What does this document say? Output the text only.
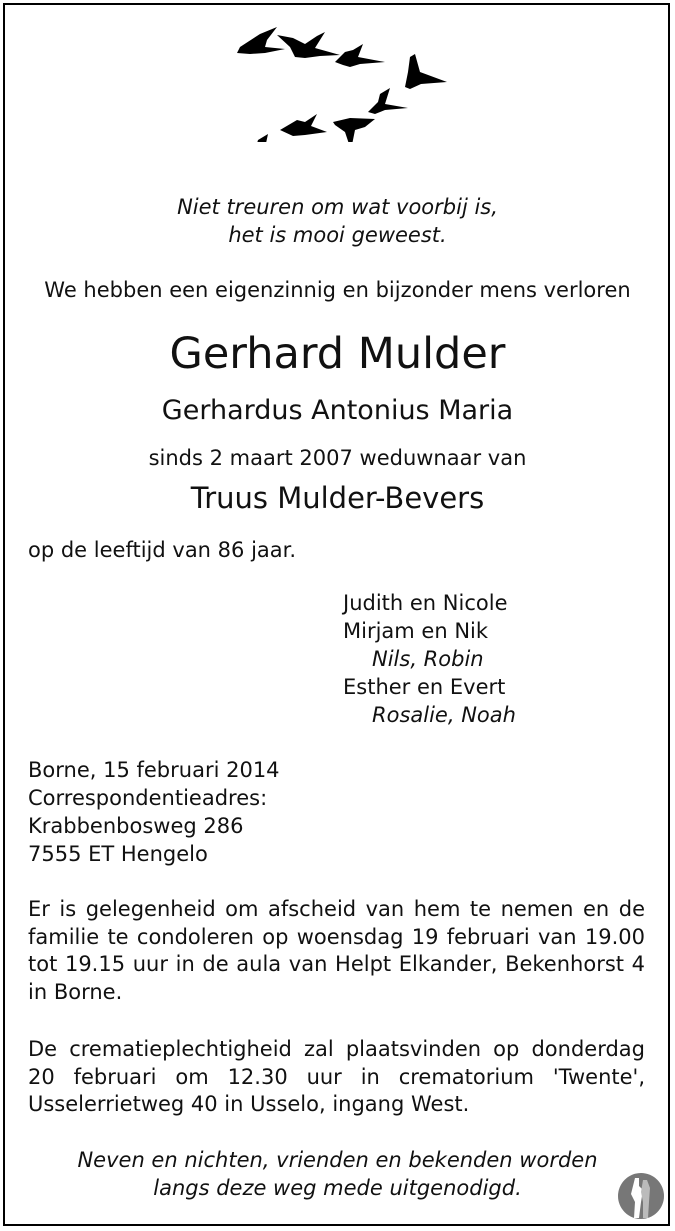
Niet treuren om wat voorbij is,
het is mooi geweest.
We hebben een eigenzinnig en bijzonder mens verloren
Gerhard Mulder
Gerhardus Antonius Maria
sinds 2 maart 2007 weduwnaar van
Truus Mulder-Bevers
op de leeftijd van 86 jaar.
Judith en Nicole
Mirjam en Nik
Nils, Robin
Esther en Evert
Rosalie, Noah
Borne, 15 februari 2014
Correspondentieadres:
Krabbenbosweg 286
7555 ET Hengelo
Er is gelegenheid om afscheid van hem te nemen en de familie te condoleren op woensdag 19 februari van 19.00 tot 19.15 uur in de aula van Helpt Elkander, Bekenhorst 4 in Borne.
De crematieplechtigheid zal plaatsvinden op donderdag 20 februari om 12.30 uur in crematorium 'Twente', Usselerrietweg 40 in Usselo, ingang West.
Neven en nichten, vrienden en bekenden worden
langs deze weg mede uitgenodigd.
